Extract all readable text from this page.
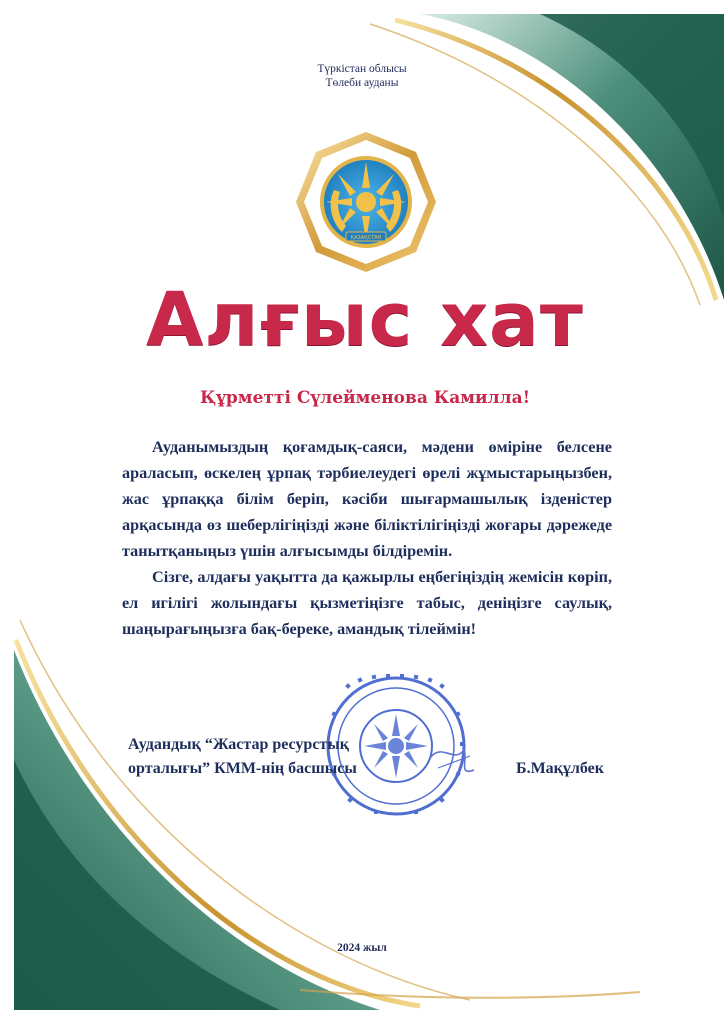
Түркістан облысы
Төлеби ауданы
ҚАЗАҚСТАН
Алғыс хат
Құрметті Сүлейменова Камилла!

Ауданымыздың қоғамдық-саяси, мәдени өміріне белсене араласып, өскелең ұрпақ тәрбиелеудегі өрелі жұмыстарыңызбен, жас ұрпаққа білім беріп, кәсіби шығармашылық ізденістер арқасында өз шеберлігіңізді және біліктілігіңізді жоғары дәрежеде танытқаныңыз үшін алғысымды білдіремін.

Сізге, алдағы уақытта да қажырлы еңбегіңіздің жемісін көріп, ел игілігі жолындағы қызметіңізге табыс, деніңізге саулық, шаңырағыңызға бақ-береке, амандық тілеймін!

Аудандық “Жастар ресурстық
орталығы” КММ-нің басшысы	Б.Мақұлбек
2024 жыл
